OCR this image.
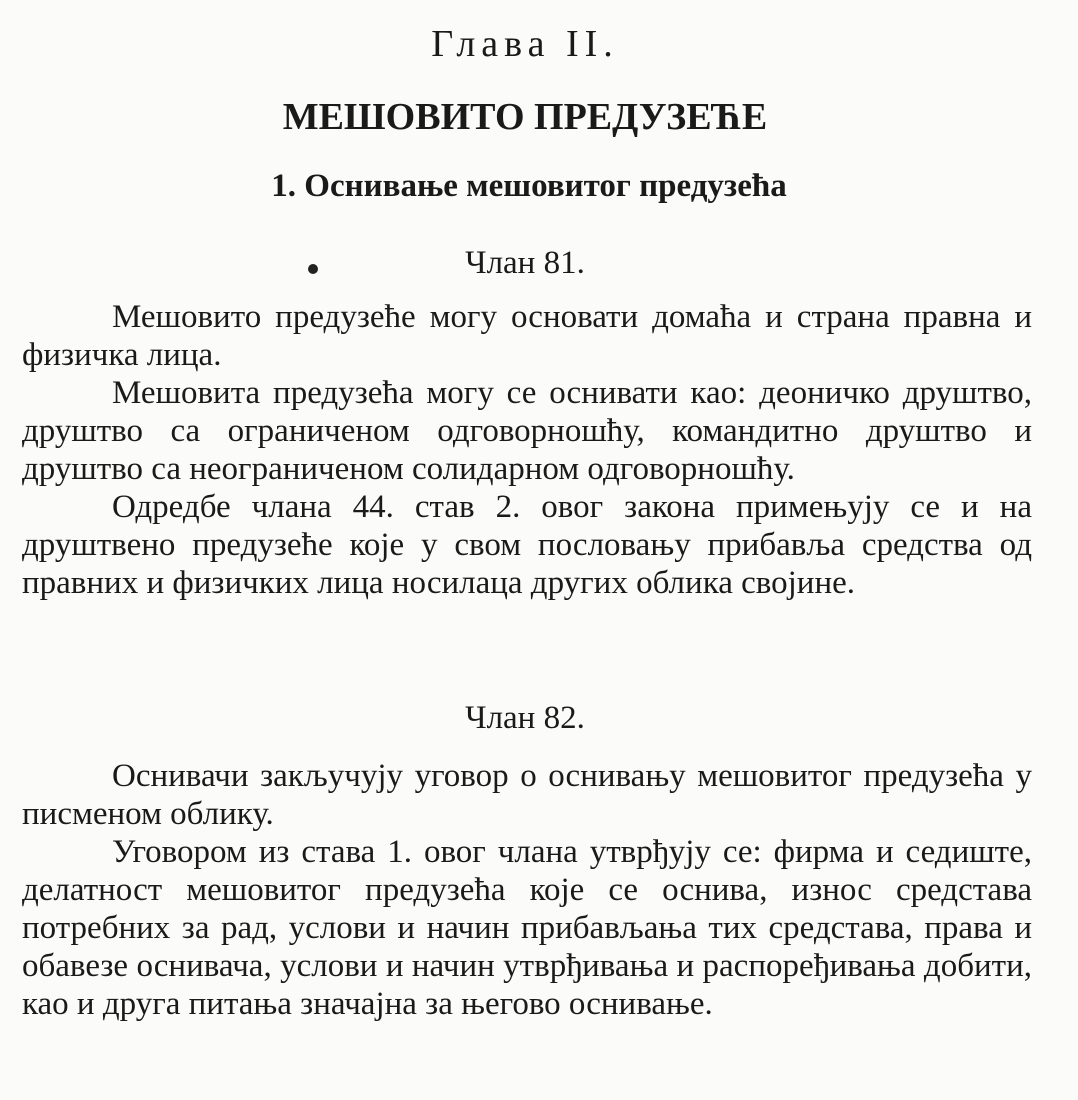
Глава II.
МЕШОВИТО ПРЕДУЗЕЋЕ
1. Оснивање мешовитог предузећа
Члан 81.

Мешовито предузеће могу основати домаћа и страна правна и физичка лица.

Мешовита предузећа могу се оснивати као: деоничко друштво, друштво са ограниченом одговорношћу, командитно друштво и друштво са неограниченом солидарном одговорношћу.

Одредбе члана 44. став 2. овог закона примењују се и на друштвено предузеће које у свом пословању прибавља средства од правних и физичких лица носилаца других облика својине.

Члан 82.

Оснивачи закључују уговор о оснивању мешовитог предузећа у писменом облику.

Уговором из става 1. овог члана утврђују се: фирма и седиште, делатност мешовитог предузећа које се оснива, износ средстава потребних за рад, услови и начин прибављања тих средстава, права и обавезе оснивача, услови и начин утврђивања и распоређивања добити, као и друга питања значајна за његово оснивање.
